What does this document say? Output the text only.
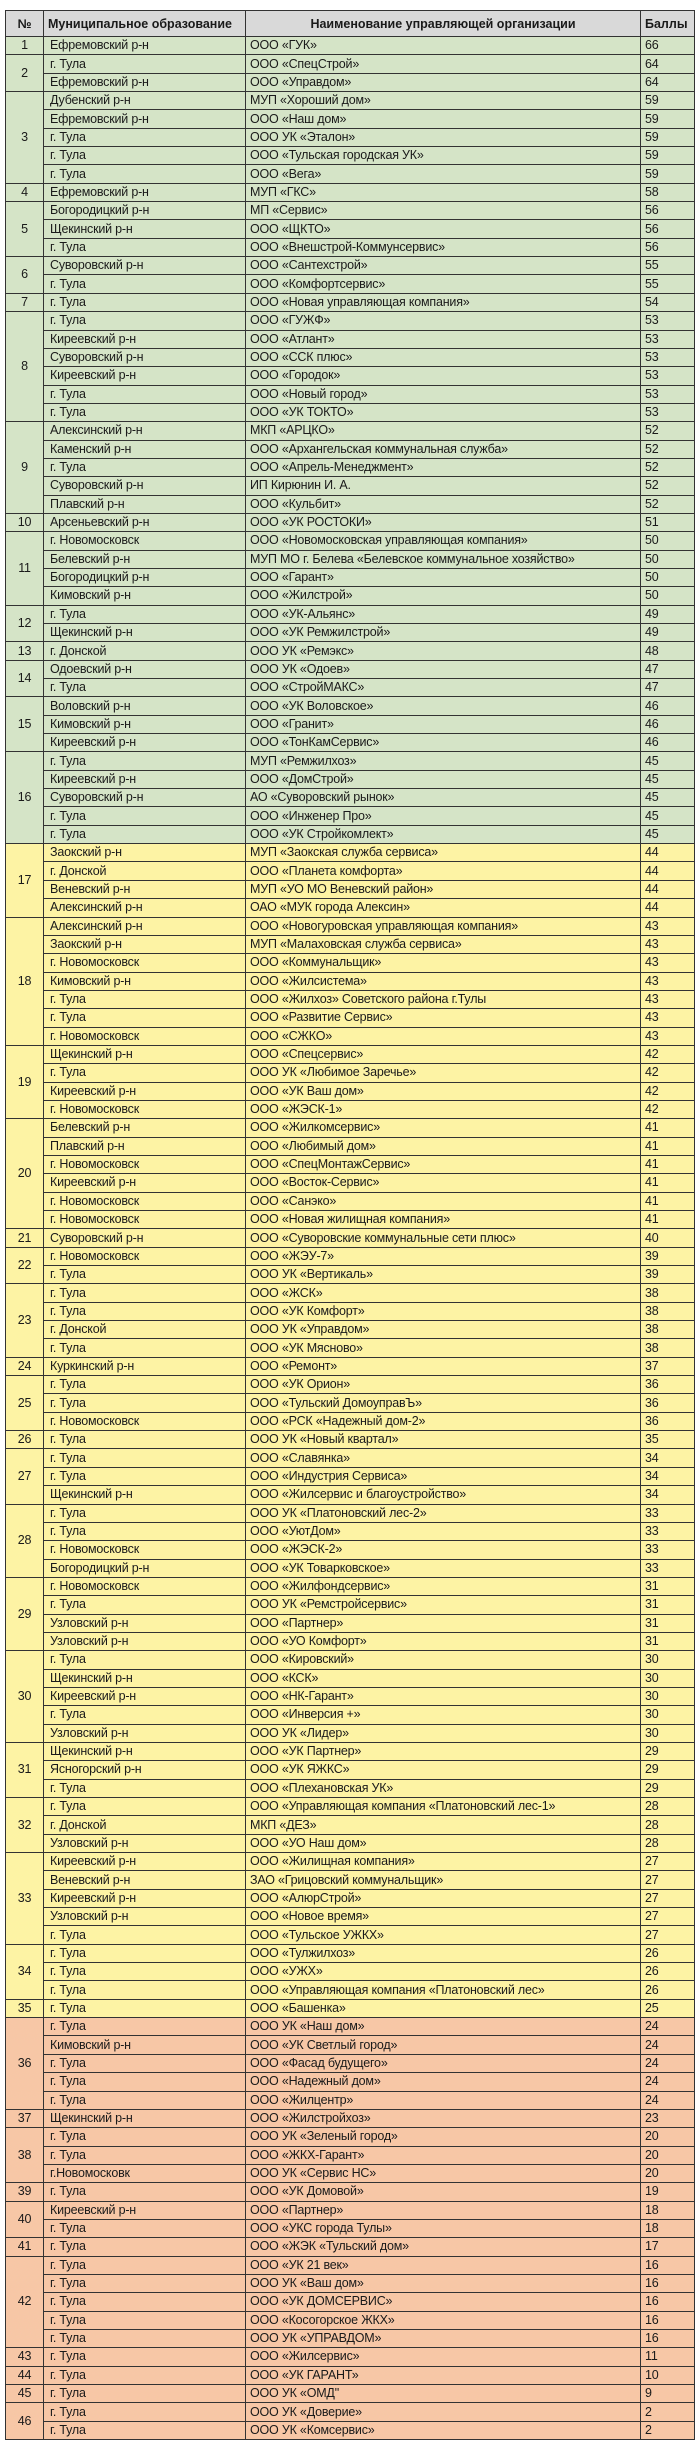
№	Муниципальное образование	Наименование управляющей организации	Баллы
1	Ефремовский р-н	ООО «ГУК»	66
2	г. Тула	ООО «СпецСтрой»	64
	Ефремовский р-н	ООО «Управдом»	64
3	Дубенский р-н	МУП «Хороший дом»	59
	Ефремовский р-н	ООО «Наш дом»	59
	г. Тула	ООО УК «Эталон»	59
	г. Тула	ООО «Тульская городская УК»	59
	г. Тула	ООО «Вега»	59
4	Ефремовский р-н	МУП «ГКС»	58
5	Богородицкий р-н	МП «Сервис»	56
	Щекинский р-н	ООО «ЩКТО»	56
	г. Тула	ООО «Внешстрой-Коммунсервис»	56
6	Суворовский р-н	ООО «Сантехстрой»	55
	г. Тула	ООО «Комфортсервис»	55
7	г. Тула	ООО «Новая управляющая компания»	54
8	г. Тула	ООО «ГУЖФ»	53
	Киреевский р-н	ООО «Атлант»	53
	Суворовский р-н	ООО «ССК плюс»	53
	Киреевский р-н	ООО «Городок»	53
	г. Тула	ООО «Новый город»	53
	г. Тула	ООО «УК ТОКТО»	53
9	Алексинский р-н	МКП «АРЦКО»	52
	Каменский р-н	ООО «Архангельская коммунальная служба»	52
	г. Тула	ООО «Апрель-Менеджмент»	52
	Суворовский р-н	ИП Кирюнин И. А.	52
	Плавский р-н	ООО «Кульбит»	52
10	Арсеньевский р-н	ООО «УК РОСТОКИ»	51
11	г. Новомосковск	ООО «Новомосковская управляющая компания»	50
	Белевский р-н	МУП МО г. Белева «Белевское коммунальное хозяйство»	50
	Богородицкий р-н	ООО «Гарант»	50
	Кимовский р-н	ООО «Жилстрой»	50
12	г. Тула	ООО «УК-Альянс»	49
	Щекинский р-н	ООО «УК Ремжилстрой»	49
13	г. Донской	ООО УК «Ремэкс»	48
14	Одоевский р-н	ООО УК «Одоев»	47
	г. Тула	ООО «СтройМАКС»	47
15	Воловский р-н	ООО «УК Воловское»	46
	Кимовский р-н	ООО «Гранит»	46
	Киреевский р-н	ООО «ТонКамСервис»	46
16	г. Тула	МУП «Ремжилхоз»	45
	Киреевский р-н	ООО «ДомСтрой»	45
	Суворовский р-н	АО «Суворовский рынок»	45
	г. Тула	ООО «Инженер Про»	45
	г. Тула	ООО «УК Стройкомлект»	45
17	Заокский р-н	МУП «Заокская служба сервиса»	44
	г. Донской	ООО «Планета комфорта»	44
	Веневский р-н	МУП «УО МО Веневский район»	44
	Алексинский р-н	ОАО «МУК города Алексин»	44
18	Алексинский р-н	ООО «Новогуровская управляющая компания»	43
	Заокский р-н	МУП «Малаховская служба сервиса»	43
	г. Новомосковск	ООО «Коммунальщик»	43
	Кимовский р-н	ООО «Жилсистема»	43
	г. Тула	ООО «Жилхоз» Советского района г.Тулы	43
	г. Тула	ООО «Развитие Сервис»	43
	г. Новомосковск	ООО «СЖКО»	43
19	Щекинский р-н	ООО «Спецсервис»	42
	г. Тула	ООО УК «Любимое Заречье»	42
	Киреевский р-н	ООО «УК Ваш дом»	42
	г. Новомосковск	ООО «ЖЭСК-1»	42
20	Белевский р-н	ООО «Жилкомсервис»	41
	Плавский р-н	ООО «Любимый дом»	41
	г. Новомосковск	ООО «СпецМонтажСервис»	41
	Киреевский р-н	ООО «Восток-Сервис»	41
	г. Новомосковск	ООО «Санэко»	41
	г. Новомосковск	ООО «Новая жилищная компания»	41
21	Суворовский р-н	ООО «Суворовские коммунальные сети плюс»	40
22	г. Новомосковск	ООО «ЖЭУ-7»	39
	г. Тула	ООО УК «Вертикаль»	39
23	г. Тула	ООО «ЖСК»	38
	г. Тула	ООО «УК Комфорт»	38
	г. Донской	ООО УК «Управдом»	38
	г. Тула	ООО «УК Мясново»	38
24	Куркинский р-н	ООО «Ремонт»	37
25	г. Тула	ООО «УК Орион»	36
	г. Тула	ООО «Тульский ДомоуправЪ»	36
	г. Новомосковск	ООО «РСК «Надежный дом-2»	36
26	г. Тула	ООО УК «Новый квартал»	35
27	г. Тула	ООО «Славянка»	34
	г. Тула	ООО «Индустрия Сервиса»	34
	Щекинский р-н	ООО «Жилсервис и благоустройство»	34
28	г. Тула	ООО УК «Платоновский лес-2»	33
	г. Тула	ООО «УютДом»	33
	г. Новомосковск	ООО «ЖЭСК-2»	33
	Богородицкий р-н	ООО «УК Товарковское»	33
29	г. Новомосковск	ООО «Жилфондсервис»	31
	г. Тула	ООО УК «Ремстройсервис»	31
	Узловский р-н	ООО «Партнер»	31
	Узловский р-н	ООО «УО Комфорт»	31
30	г. Тула	ООО «Кировский»	30
	Щекинский р-н	ООО «КСК»	30
	Киреевский р-н	ООО «НК-Гарант»	30
	г. Тула	ООО «Инверсия +»	30
	Узловский р-н	ООО УК «Лидер»	30
31	Щекинский р-н	ООО «УК Партнер»	29
	Ясногорский р-н	ООО «УК ЯЖКС»	29
	г. Тула	ООО «Плехановская УК»	29
32	г. Тула	ООО «Управляющая компания «Платоновский лес-1»	28
	г. Донской	МКП «ДЕЗ»	28
	Узловский р-н	ООО «УО Наш дом»	28
33	Киреевский р-н	ООО «Жилищная компания»	27
	Веневский р-н	ЗАО «Грицовский коммунальщик»	27
	Киреевский р-н	ООО «АлюрСтрой»	27
	Узловский р-н	ООО «Новое время»	27
	г. Тула	ООО «Тульское УЖКХ»	27
34	г. Тула	ООО «Тулжилхоз»	26
	г. Тула	ООО «УЖХ»	26
	г. Тула	ООО «Управляющая компания «Платоновский лес»	26
35	г. Тула	ООО «Башенка»	25
36	г. Тула	ООО УК «Наш дом»	24
	Кимовский р-н	ООО «УК Светлый город»	24
	г. Тула	ООО «Фасад будущего»	24
	г. Тула	ООО «Надежный дом»	24
	г. Тула	ООО «Жилцентр»	24
37	Щекинский р-н	ООО «Жилстройхоз»	23
38	г. Тула	ООО УК «Зеленый город»	20
	г. Тула	ООО «ЖКХ-Гарант»	20
	г.Новомосковк	ООО УК «Сервис НС»	20
39	г. Тула	ООО «УК Домовой»	19
40	Киреевский р-н	ООО «Партнер»	18
	г. Тула	ООО «УКС города Тулы»	18
41	г. Тула	ООО «ЖЭК «Тульский дом»	17
42	г. Тула	ООО «УК 21 век»	16
	г. Тула	ООО УК «Ваш дом»	16
	г. Тула	ООО «УК ДОМСЕРВИС»	16
	г. Тула	ООО «Косогорское ЖКХ»	16
	г. Тула	ООО УК «УПРАВДОМ»	16
43	г. Тула	ООО «Жилсервис»	11
44	г. Тула	ООО «УК ГАРАНТ»	10
45	г. Тула	ООО УК «ОМД"	9
46	г. Тула	ООО УК «Доверие»	2
	г. Тула	ООО УК «Комсервис»	2
